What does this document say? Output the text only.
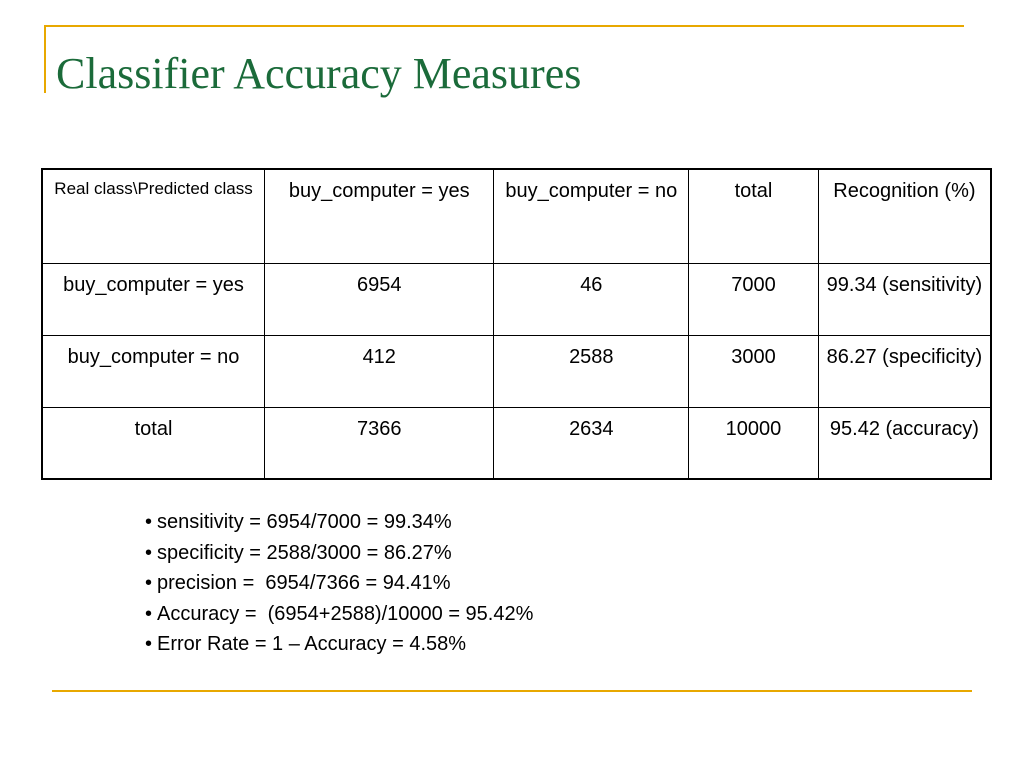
Classifier Accuracy Measures
Real class\Predicted class	buy_computer = yes	buy_computer = no	total	Recognition (%)
buy_computer = yes	6954	46	7000	99.34 (sensitivity)
buy_computer = no	412	2588	3000	86.27 (specificity)
total	7366	2634	10000	95.42 (accuracy)
• sensitivity = 6954/7000 = 99.34%
• specificity = 2588/3000 = 86.27%
• precision =  6954/7366 = 94.41%
• Accuracy =  (6954+2588)/10000 = 95.42%
• Error Rate = 1 – Accuracy = 4.58%
